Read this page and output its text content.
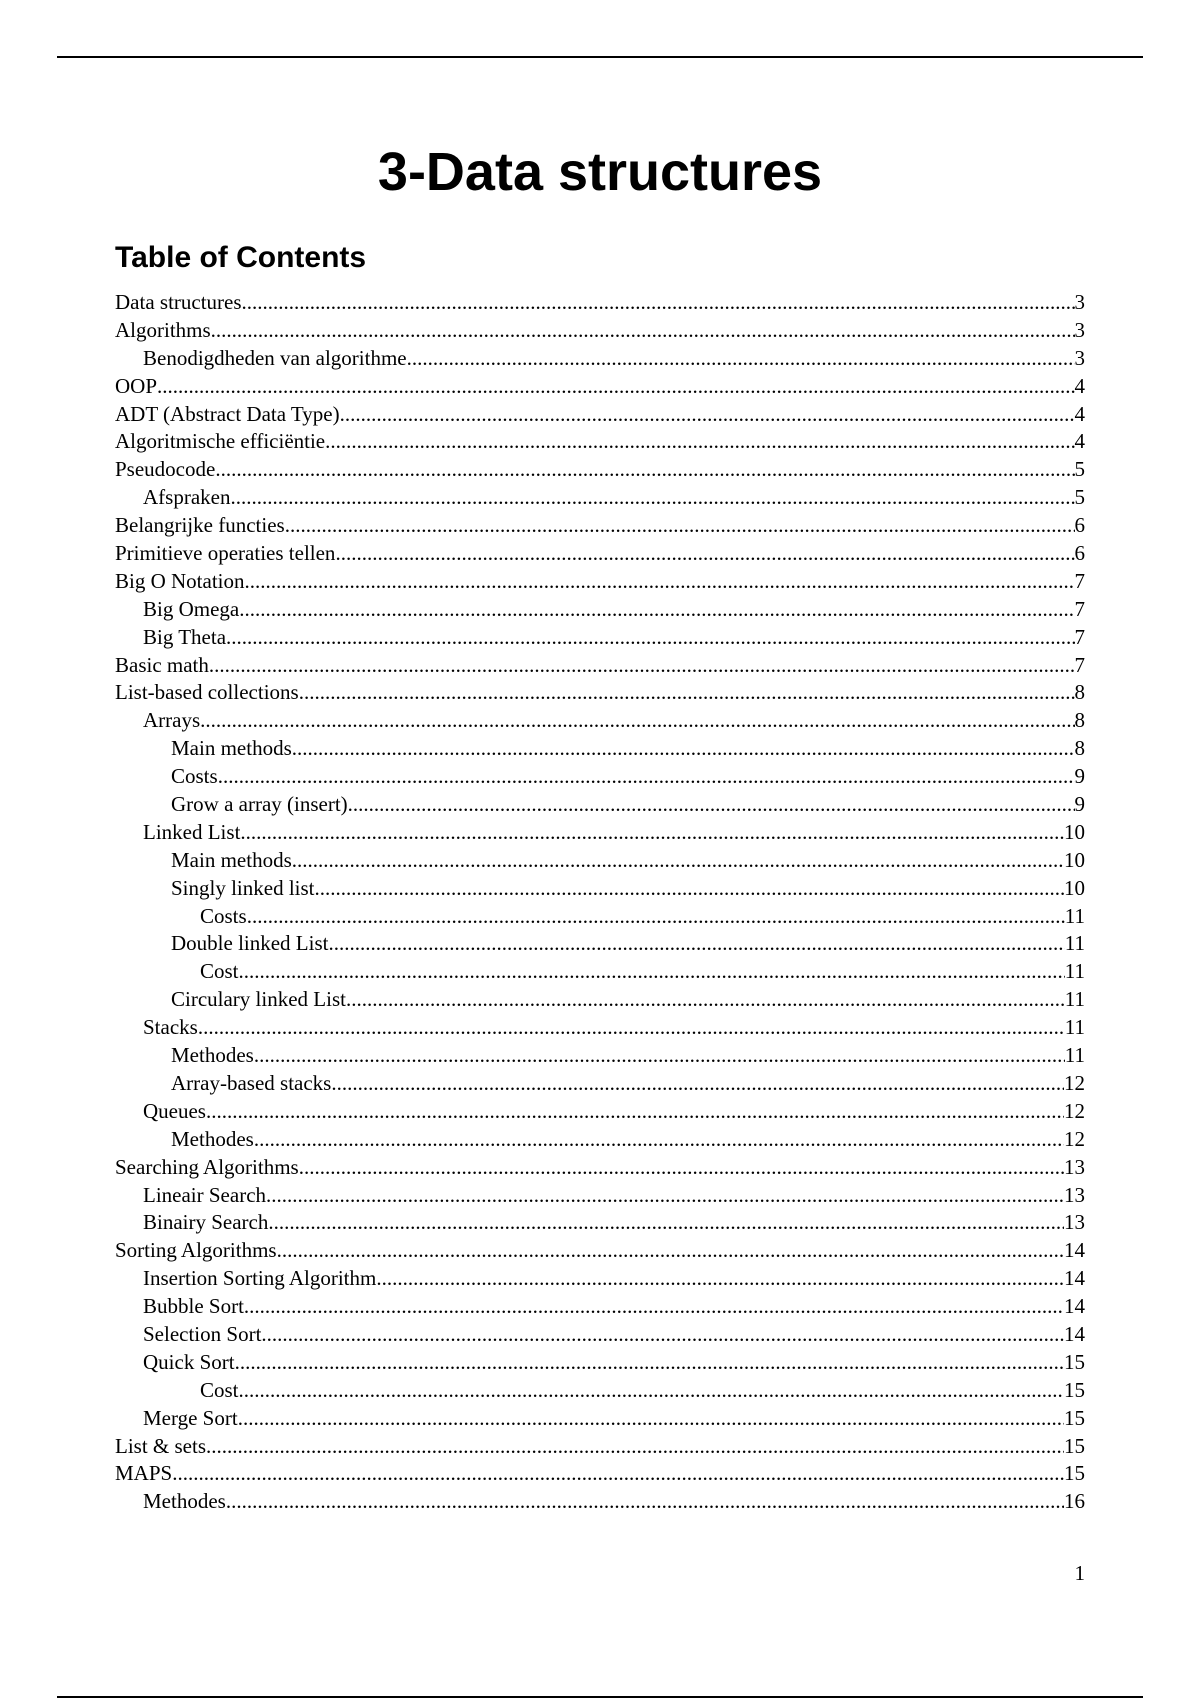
3-Data structures
Table of Contents
Data structures .....	3
Algorithms .....	3
Benodigdheden van algorithme .....	3
OOP .....	4
ADT (Abstract Data Type) .....	4
Algoritmische efficiëntie .....	4
Pseudocode .....	5
Afspraken .....	5
Belangrijke functies .....	6
Primitieve operaties tellen .....	6
Big O Notation .....	7
Big Omega .....	7
Big Theta .....	7
Basic math .....	7
List-based collections .....	8
Arrays .....	8
Main methods .....	8
Costs .....	9
Grow a array (insert) .....	9
Linked List .....	10
Main methods .....	10
Singly linked list .....	10
Costs .....	11
Double linked List .....	11
Cost .....	11
Circulary linked List .....	11
Stacks .....	11
Methodes .....	11
Array-based stacks .....	12
Queues .....	12
Methodes .....	12
Searching Algorithms .....	13
Lineair Search .....	13
Binairy Search .....	13
Sorting Algorithms .....	14
Insertion Sorting Algorithm .....	14
Bubble Sort .....	14
Selection Sort .....	14
Quick Sort .....	15
Cost .....	15
Merge Sort .....	15
List & sets .....	15
MAPS .....	15
Methodes .....	16
1
